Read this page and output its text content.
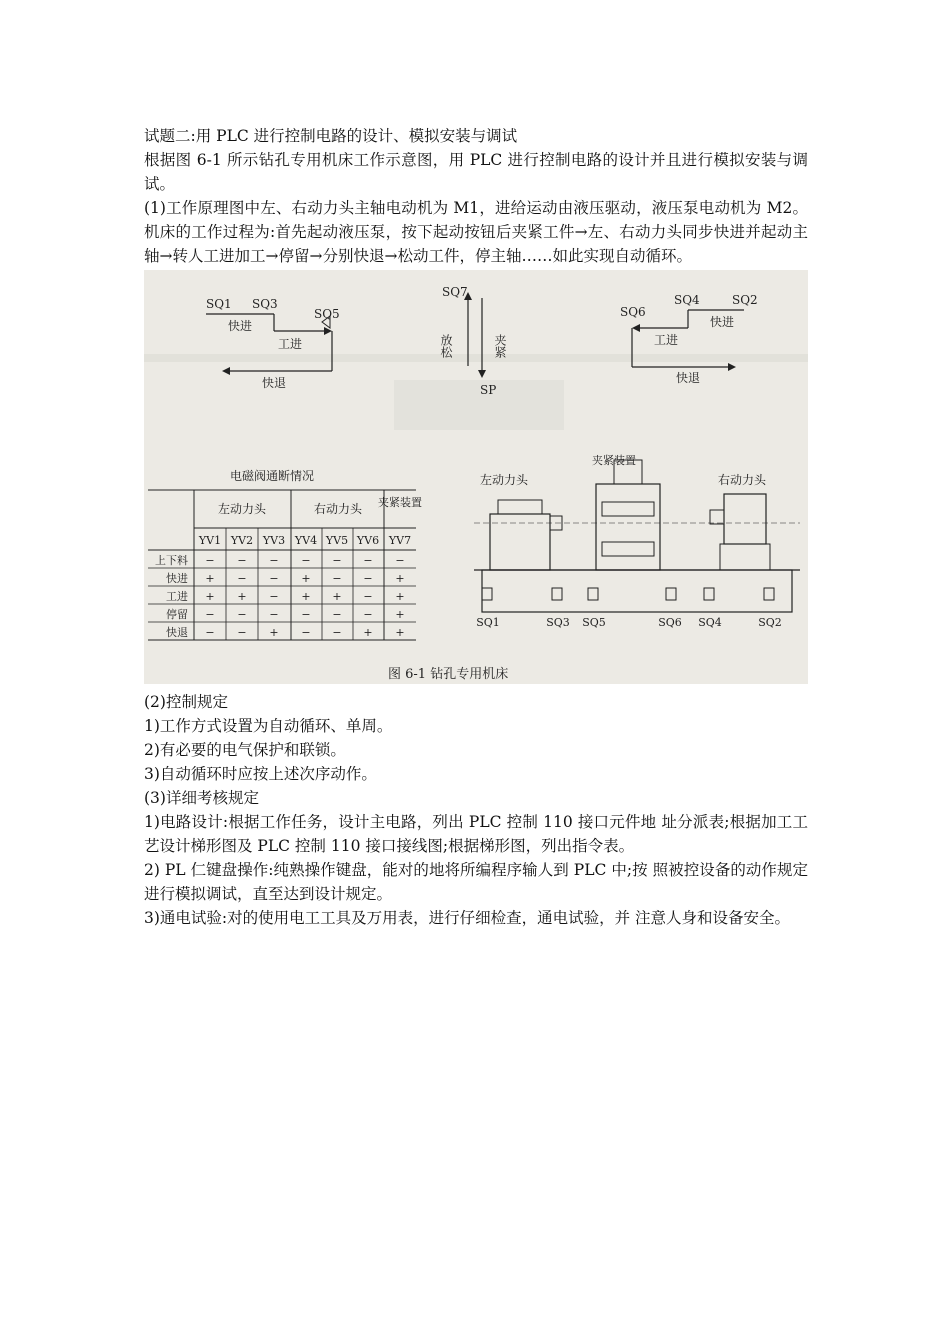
试题二:用 PLC 进行控制电路的设计、模拟安装与调试

根据图 6-1 所示钻孔专用机床工作示意图，用 PLC 进行控制电路的设计并且进行模拟安装与调试。

(1)工作原理图中左、右动力头主轴电动机为 M1，进给运动由液压驱动，液压泵电动机为 M2。机床的工作过程为:首先起动液压泵，按下起动按钮后夹紧工件→左、右动力头同步快进并起动主轴→转人工进加工→停留→分别快退→松动工件，停主轴……如此实现自动循环。

SQ1 SQ3
SQ5
快进
工进
快退
SQ7
SP
放松	夹紧
SQ4	SQ2
SQ6
快进
工进
快退
电磁阀通断情况
左动力头	右动力头 夹紧装置
YV1 YV2 YV3 YV4 YV5 YV6 YV7
上下料 − − − − − − −
快进 + − − + − − +
工进 + + − + + − +
停留 − − − − − − +
快退 − − + − − + +
左动力头	右动力头
夹紧装置
SQ1	SQ3 SQ5	SQ6 SQ4	SQ2
图 6-1 钻孔专用机床

(2)控制规定

1)工作方式设置为自动循环、单周。

2)有必要的电气保护和联锁。

3)自动循环时应按上述次序动作。

(3)详细考核规定

1)电路设计:根据工作任务，设计主电路，列出 PLC 控制 110 接口元件地 址分派表;根据加工工艺设计梯形图及 PLC 控制 110 接口接线图;根据梯形图，列出指令表。

2) PL 仁键盘操作:纯熟操作键盘，能对的地将所编程序输人到 PLC 中;按 照被控设备的动作规定进行模拟调试，直至达到设计规定。

3)通电试验:对的使用电工工具及万用表，进行仔细检查，通电试验，并 注意人身和设备安全。
